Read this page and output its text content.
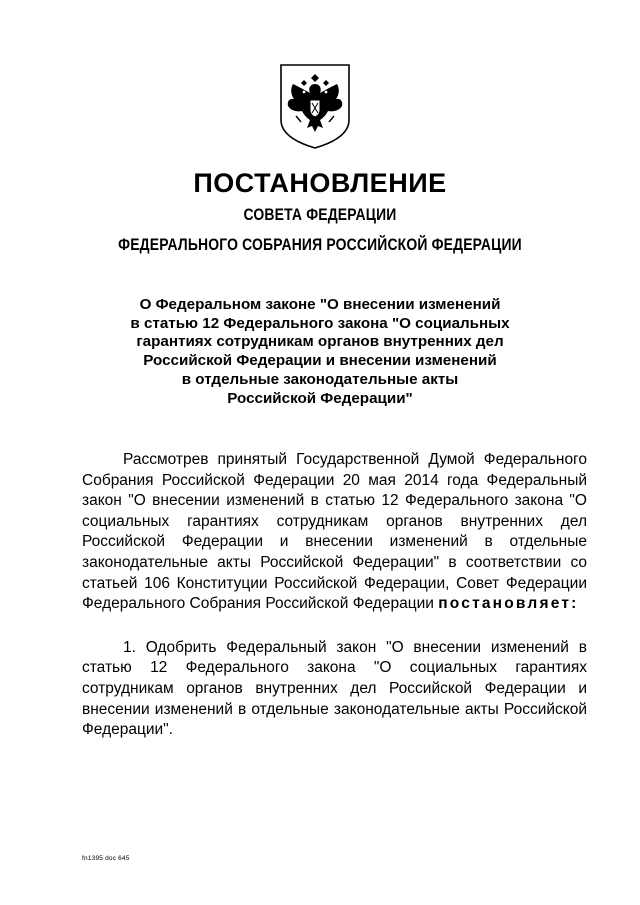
ПОСТАНОВЛЕНИЕ
СОВЕТА ФЕДЕРАЦИИ
ФЕДЕРАЛЬНОГО СОБРАНИЯ РОССИЙСКОЙ ФЕДЕРАЦИИ
О Федеральном законе "О внесении изменений
в статью 12 Федерального закона "О социальных
гарантиях сотрудникам органов внутренних дел
Российской Федерации и внесении изменений
в отдельные законодательные акты
Российской Федерации"

Рассмотрев принятый Государственной Думой Федерального Собрания Российской Федерации 20 мая 2014 года Федеральный закон "О внесении изменений в статью 12 Федерального закона "О социальных гарантиях сотрудникам органов внутренних дел Российской Федерации и внесении изменений в отдельные законодательные акты Российской Федерации" в соответствии со статьей 106 Конституции Российской Федерации, Совет Федерации Федерального Собрания Российской Федерации постановляет:

1. Одобрить Федеральный закон "О внесении изменений в статью 12 Федерального закона "О социальных гарантиях сотрудникам органов внутренних дел Российской Федерации и внесении изменений в отдельные законодательные акты Российской Федерации".

fn1395 doc 645
